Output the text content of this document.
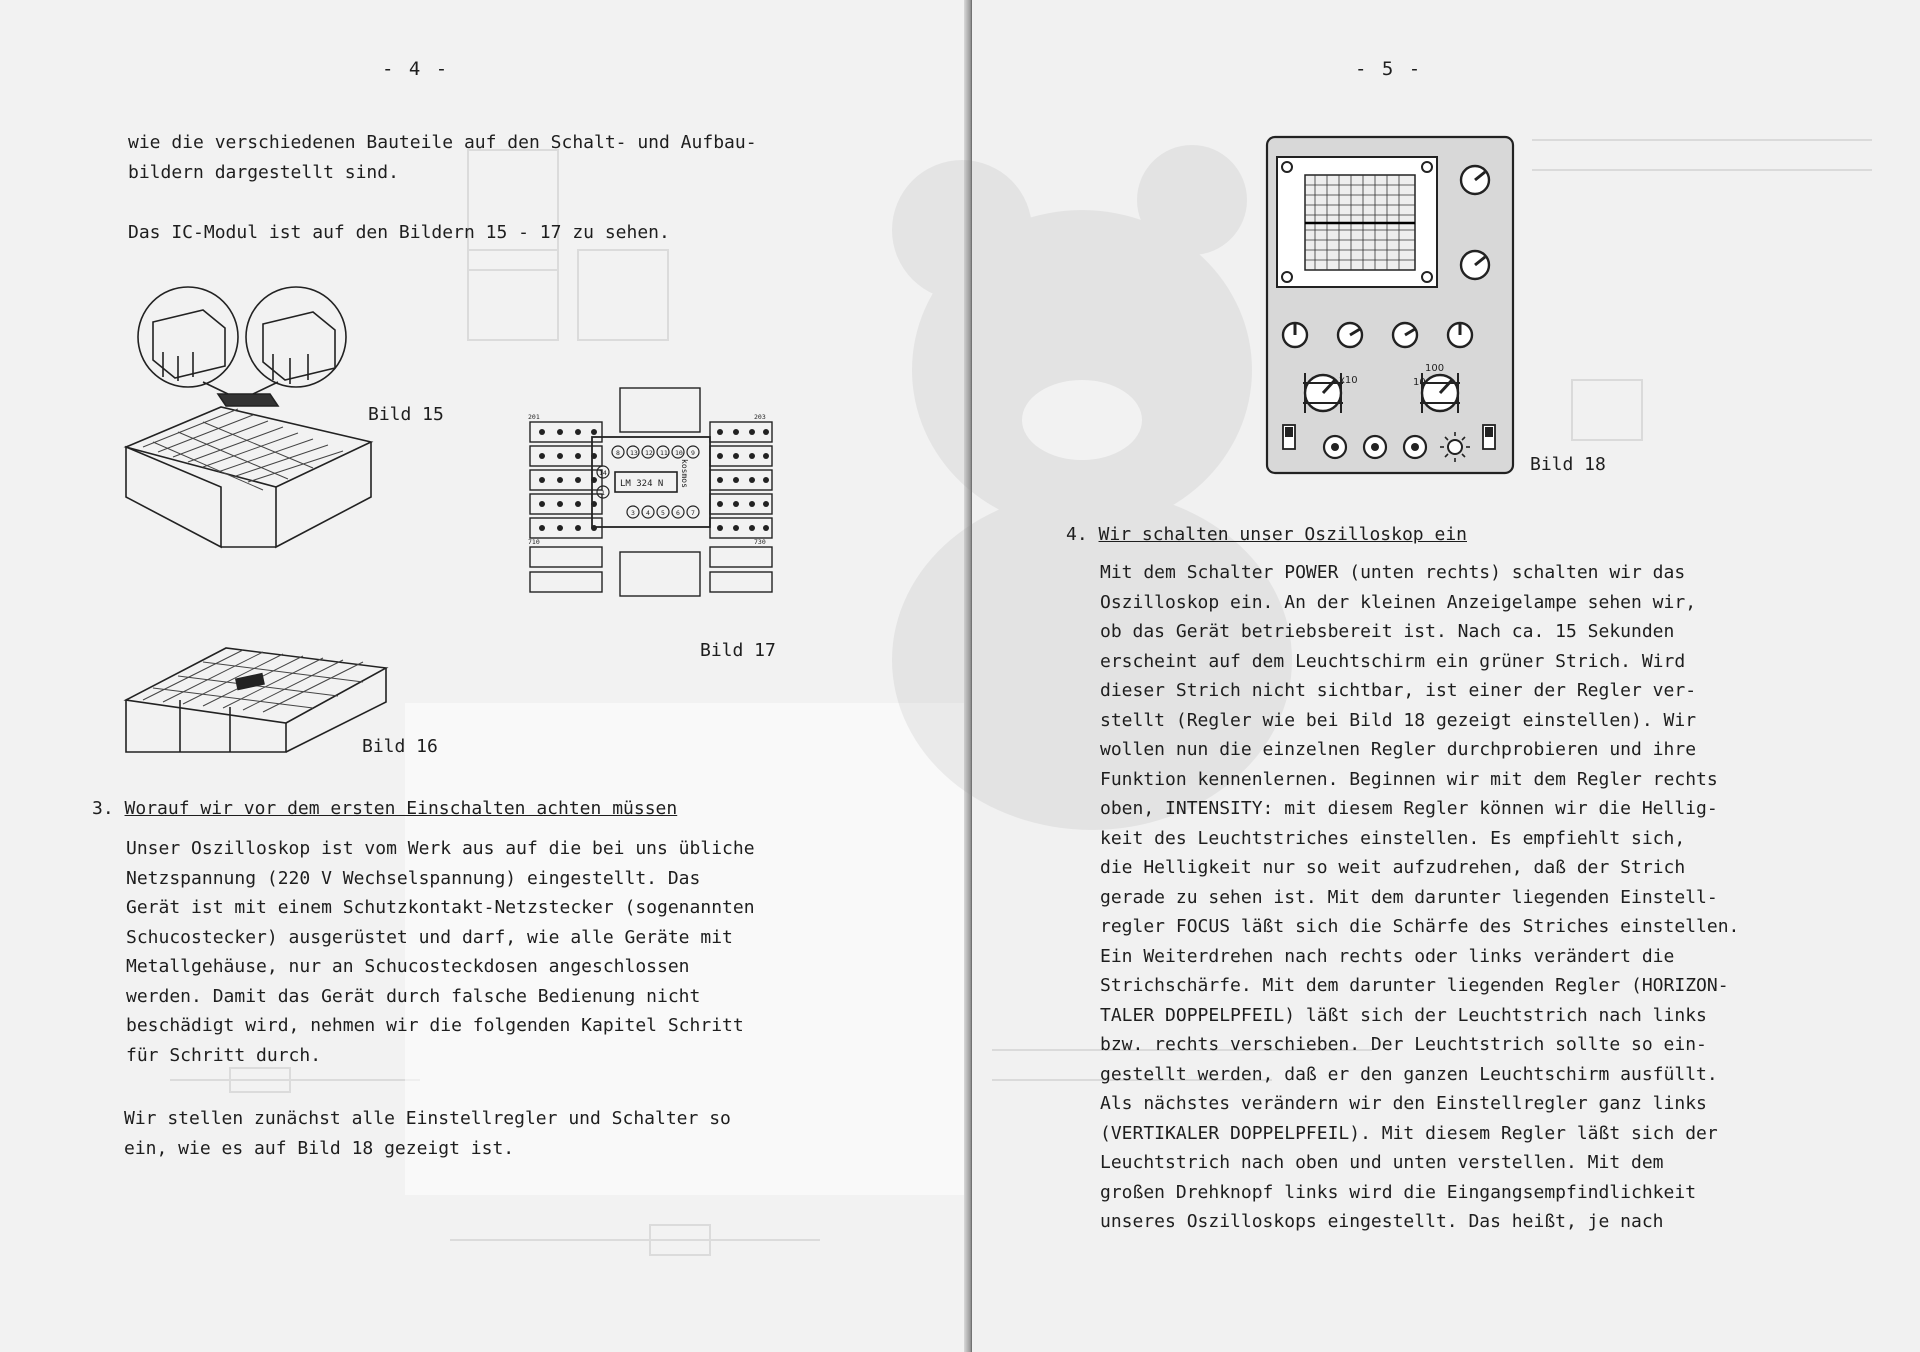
- 4 -
wie die verschiedenen Bauteile auf den Schalt- und Aufbau-
bildern dargestellt sind.
Das IC-Modul ist auf den Bildern 15 - 17 zu sehen.
Bild 15
Bild 16
201	203
710	730
LM 324 N kosmos
13 12 11 10 9
8
3 4 5 6 7
14
1
Bild 17
3. Worauf wir vor dem ersten Einschalten achten müssen
Unser Oszilloskop ist vom Werk aus auf die bei uns übliche
Netzspannung (220 V Wechselspannung) eingestellt. Das
Gerät ist mit einem Schutzkontakt-Netzstecker (sogenannten
Schucostecker) ausgerüstet und darf, wie alle Geräte mit
Metallgehäuse, nur an Schucosteckdosen angeschlossen
werden. Damit das Gerät durch falsche Bedienung nicht
beschädigt wird, nehmen wir die folgenden Kapitel Schritt
für Schritt durch.
Wir stellen zunächst alle Einstellregler und Schalter so
ein, wie es auf Bild 18 gezeigt ist.
- 5 -
x10
100
10
Bild 18
4. Wir schalten unser Oszilloskop ein
Mit dem Schalter POWER (unten rechts) schalten wir das
Oszilloskop ein. An der kleinen Anzeigelampe sehen wir,
ob das Gerät betriebsbereit ist. Nach ca. 15 Sekunden
erscheint auf dem Leuchtschirm ein grüner Strich. Wird
dieser Strich nicht sichtbar, ist einer der Regler ver-
stellt (Regler wie bei Bild 18 gezeigt einstellen). Wir
wollen nun die einzelnen Regler durchprobieren und ihre
Funktion kennenlernen. Beginnen wir mit dem Regler rechts
oben, INTENSITY: mit diesem Regler können wir die Hellig-
keit des Leuchtstriches einstellen. Es empfiehlt sich,
die Helligkeit nur so weit aufzudrehen, daß der Strich
gerade zu sehen ist. Mit dem darunter liegenden Einstell-
regler FOCUS läßt sich die Schärfe des Striches einstellen.
Ein Weiterdrehen nach rechts oder links verändert die
Strichschärfe. Mit dem darunter liegenden Regler (HORIZON-
TALER DOPPELPFEIL) läßt sich der Leuchtstrich nach links
bzw. rechts verschieben. Der Leuchtstrich sollte so ein-
gestellt werden, daß er den ganzen Leuchtschirm ausfüllt.
Als nächstes verändern wir den Einstellregler ganz links
(VERTIKALER DOPPELPFEIL). Mit diesem Regler läßt sich der
Leuchtstrich nach oben und unten verstellen. Mit dem
großen Drehknopf links wird die Eingangsempfindlichkeit
unseres Oszilloskops eingestellt. Das heißt, je nach
